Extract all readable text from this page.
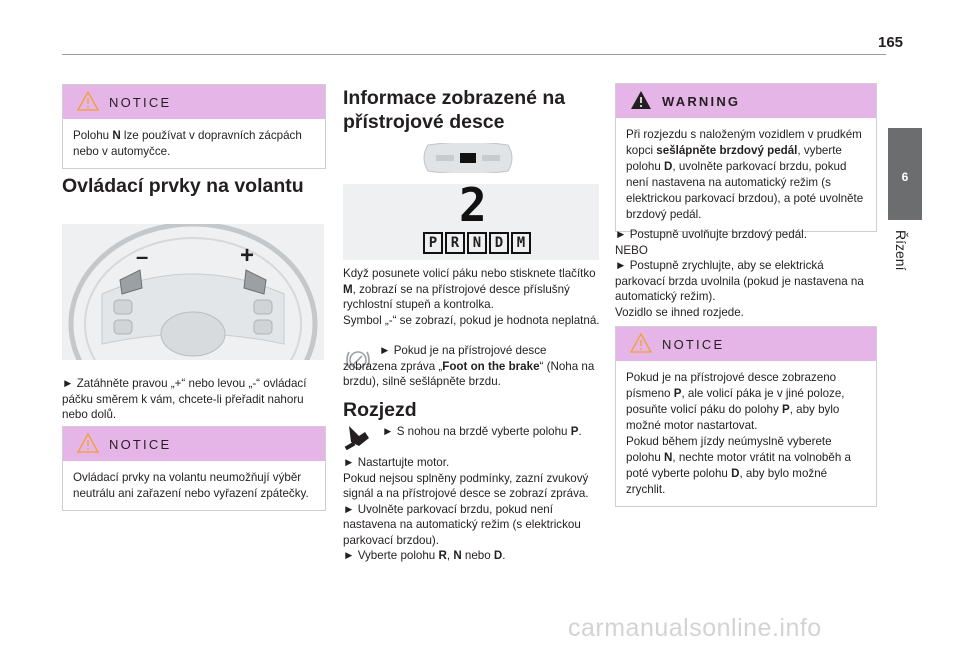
165
6
Řízení
NOTICE
Polohu N lze používat v dopravních zácpách nebo v automyčce.
Ovládací prvky na volantu
–	+
► Zatáhněte pravou „+“ nebo levou „-“ ovládací páčku směrem k vám, chcete-li přeřadit nahoru nebo dolů.
NOTICE
Ovládací prvky na volantu neumožňují výběr neutrálu ani zařazení nebo vyřazení zpátečky.
Informace zobrazené na
přístrojové desce
2
P R N D M

Když posunete volicí páku nebo stisknete tlačítko M, zobrazí se na přístrojové desce příslušný rychlostní stupeň a kontrolka.

Symbol „-“ se zobrazí, pokud je hodnota neplatná.

► Pokud je na přístrojové desce zobrazena zpráva „Foot on the brake“ (Noha na brzdu), silně sešlápněte brzdu.
Rozjezd
► S nohou na brzdě vyberte polohu P.

► Nastartujte motor.

Pokud nejsou splněny podmínky, zazní zvukový signál a na přístrojové desce se zobrazí zpráva.

► Uvolněte parkovací brzdu, pokud není nastavena na automatický režim (s elektrickou parkovací brzdou).

► Vyberte polohu R, N nebo D.

WARNING
Při rozjezdu s naloženým vozidlem v prudkém kopci sešlápněte brzdový pedál, vyberte polohu D, uvolněte parkovací brzdu, pokud není nastavena na automatický režim (s elektrickou parkovací brzdou), a poté uvolněte brzdový pedál.

► Postupně uvolňujte brzdový pedál.

NEBO

► Postupně zrychlujte, aby se elektrická parkovací brzda uvolnila (pokud je nastavena na automatický režim).

Vozidlo se ihned rozjede.

NOTICE

Pokud je na přístrojové desce zobrazeno písmeno P, ale volicí páka je v jiné poloze, posuňte volicí páku do polohy P, aby bylo možné motor nastartovat.

Pokud během jízdy neúmyslně vyberete polohu N, nechte motor vrátit na volnoběh a poté vyberte polohu D, aby bylo možné zrychlit.

carmanualsonline.info
